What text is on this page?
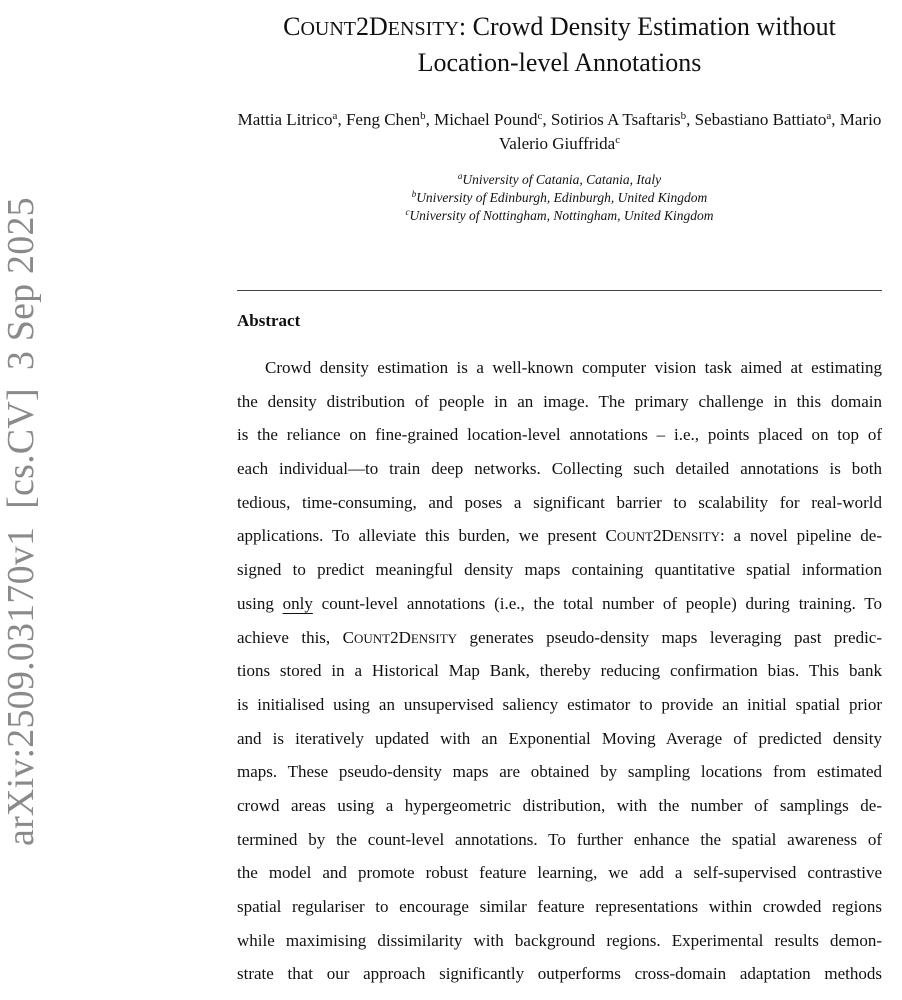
arXiv:2509.03170v1[cs.CV]3 Sep 2025
COUNT2DENSITY: Crowd Density Estimation without
Location-level Annotations
Mattia Litrico$^a$, Feng Chen$^b$, Michael Pound$^c$, Sotirios A Tsaftaris$^b$, Sebastiano Battiato$^a$, Mario Valerio Giuffrida$^c$
$^a$University of Catania, Catania, Italy
$^b$University of Edinburgh, Edinburgh, United Kingdom
$^c$University of Nottingham, Nottingham, United Kingdom
Abstract
Crowd density estimation is a well-known computer vision task aimed at estimating
the density distribution of people in an image. The primary challenge in this domain
is the reliance on fine-grained location-level annotations – i.e., points placed on top of
each individual—to train deep networks. Collecting such detailed annotations is both
tedious, time-consuming, and poses a significant barrier to scalability for real-world
applications. To alleviate this burden, we present COUNT2DENSITY: a novel pipeline de-
signed to predict meaningful density maps containing quantitative spatial information
using only count-level annotations (i.e., the total number of people) during training. To
achieve this, COUNT2DENSITY generates pseudo-density maps leveraging past predic-
tions stored in a Historical Map Bank, thereby reducing confirmation bias. This bank
is initialised using an unsupervised saliency estimator to provide an initial spatial prior
and is iteratively updated with an Exponential Moving Average of predicted density
maps. These pseudo-density maps are obtained by sampling locations from estimated
crowd areas using a hypergeometric distribution, with the number of samplings de-
termined by the count-level annotations. To further enhance the spatial awareness of
the model and promote robust feature learning, we add a self-supervised contrastive
spatial regulariser to encourage similar feature representations within crowded regions
while maximising dissimilarity with background regions. Experimental results demon-
strate that our approach significantly outperforms cross-domain adaptation methods
